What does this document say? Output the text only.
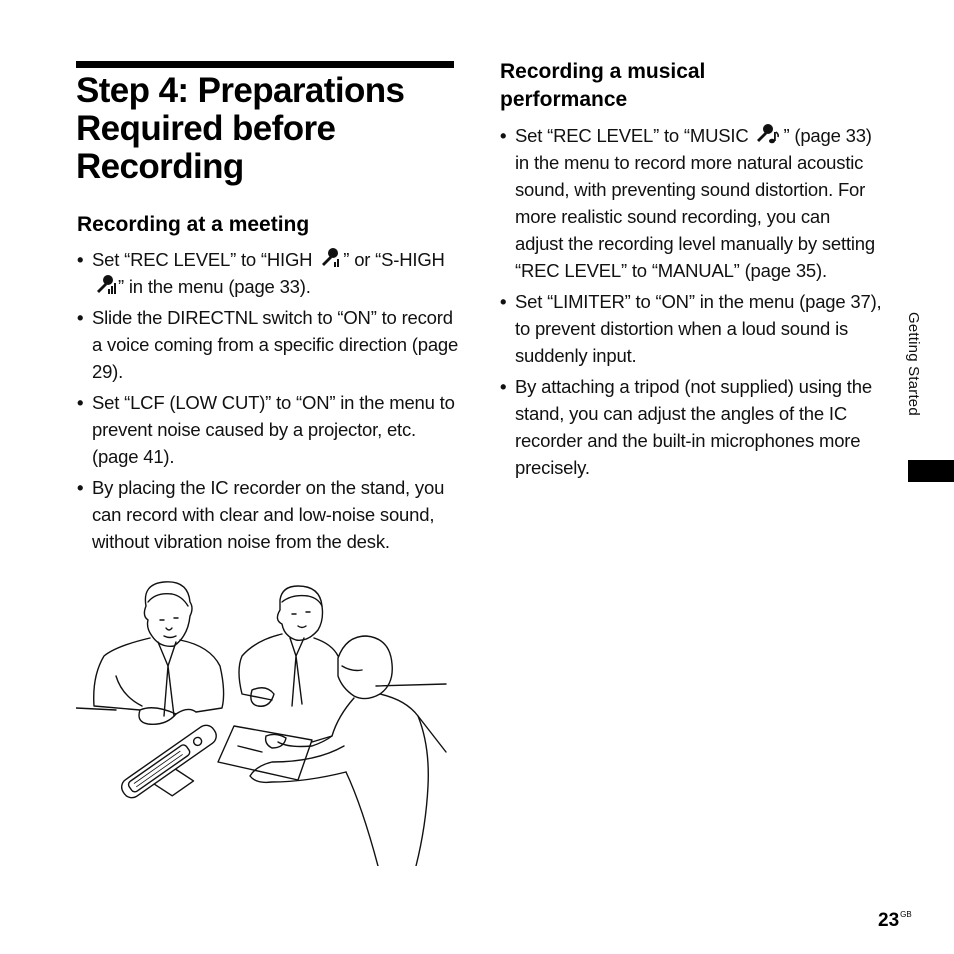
Step 4: Preparations
Required before
Recording
Recording at a meeting
• Set “REC LEVEL” to “HIGH ” or “S-HIGH ” in the menu (page 33).
• Slide the DIRECTNL switch to “ON” to record a voice coming from a specific direction (page 29).
• Set “LCF (LOW CUT)” to “ON” in the menu to prevent noise caused by a projector, etc. (page 41).
• By placing the IC recorder on the stand, you can record with clear and low-noise sound, without vibration noise from the desk.
Recording a musical performance
• Set “REC LEVEL” to “MUSIC ” (page 33) in the menu to record more natural acoustic sound, with preventing sound distortion. For more realistic sound recording, you can adjust the recording level manually by setting “REC LEVEL” to “MANUAL” (page 35).
• Set “LIMITER” to “ON” in the menu (page 37), to prevent distortion when a loud sound is suddenly input.
• By attaching a tripod (not supplied) using the stand, you can adjust the angles of the IC recorder and the built-in microphones more precisely.
Getting Started
$23^{GB}$
